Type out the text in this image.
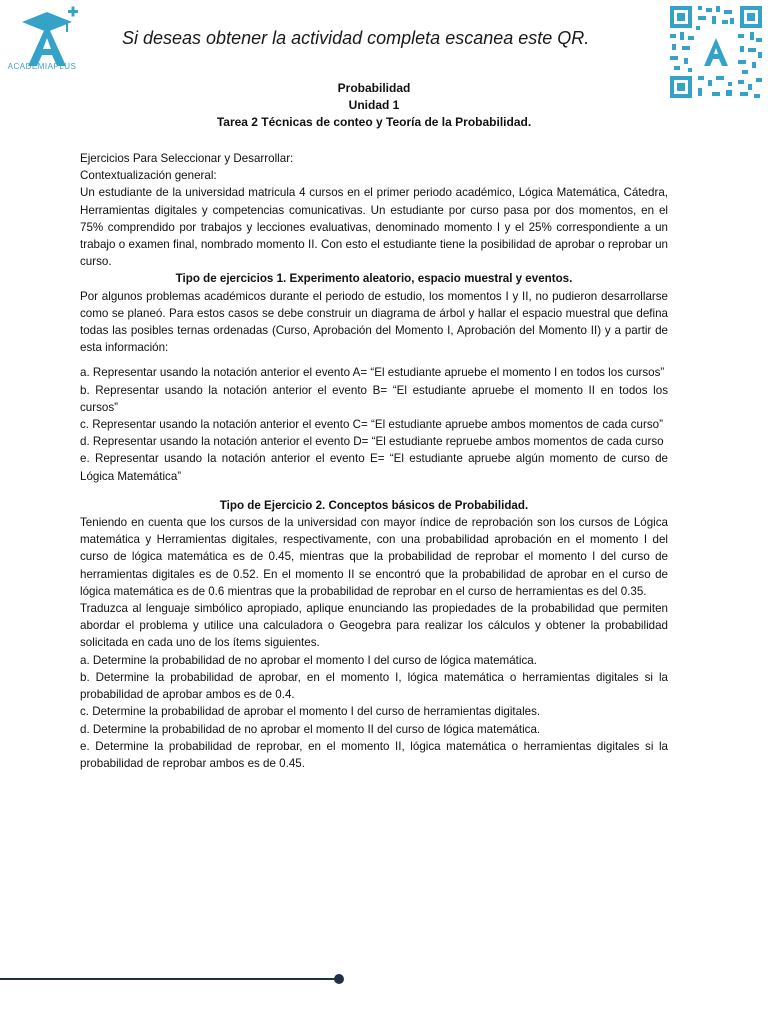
ACADEMIAPLUS
Si deseas obtener la actividad completa escanea este QR.
Probabilidad
Unidad 1
Tarea 2 Técnicas de conteo y Teoría de la Probabilidad.

Ejercicios Para Seleccionar y Desarrollar:

Contextualización general:

Un estudiante de la universidad matricula 4 cursos en el primer periodo académico, Lógica Matemática, Cátedra, Herramientas digitales y competencias comunicativas. Un estudiante por curso pasa por dos momentos, en el 75% comprendido por trabajos y lecciones evaluativas, denominado momento I y el 25% correspondiente a un trabajo o examen final, nombrado momento II. Con esto el estudiante tiene la posibilidad de aprobar o reprobar un curso.

Tipo de ejercicios 1. Experimento aleatorio, espacio muestral y eventos.

Por algunos problemas académicos durante el periodo de estudio, los momentos I y II, no pudieron desarrollarse como se planeó. Para estos casos se debe construir un diagrama de árbol y hallar el espacio muestral que defina todas las posibles ternas ordenadas (Curso, Aprobación del Momento I, Aprobación del Momento II) y a partir de esta información:

a. Representar usando la notación anterior el evento A= “El estudiante apruebe el momento I en todos los cursos”

b. Representar usando la notación anterior el evento B= “El estudiante apruebe el momento II en todos los cursos”

c. Representar usando la notación anterior el evento C= “El estudiante apruebe ambos momentos de cada curso”

d. Representar usando la notación anterior el evento D= “El estudiante repruebe ambos momentos de cada curso

e. Representar usando la notación anterior el evento E= “El estudiante apruebe algún momento de curso de Lógica Matemática”

Tipo de Ejercicio 2. Conceptos básicos de Probabilidad.

Teniendo en cuenta que los cursos de la universidad con mayor índice de reprobación son los cursos de Lógica matemática y Herramientas digitales, respectivamente, con una probabilidad aprobación en el momento I del curso de lógica matemática es de 0.45, mientras que la probabilidad de reprobar el momento I del curso de herramientas digitales es de 0.52. En el momento II se encontró que la probabilidad de aprobar en el curso de lógica matemática es de 0.6 mientras que la probabilidad de reprobar en el curso de herramientas es del 0.35.

Traduzca al lenguaje simbólico apropiado, aplique enunciando las propiedades de la probabilidad que permiten abordar el problema y utilice una calculadora o Geogebra para realizar los cálculos y obtener la probabilidad solicitada en cada uno de los ítems siguientes.

a. Determine la probabilidad de no aprobar el momento I del curso de lógica matemática.

b. Determine la probabilidad de aprobar, en el momento I, lógica matemática o herramientas digitales si la probabilidad de aprobar ambos es de 0.4.

c. Determine la probabilidad de aprobar el momento I del curso de herramientas digitales.

d. Determine la probabilidad de no aprobar el momento II del curso de lógica matemática.

e. Determine la probabilidad de reprobar, en el momento II, lógica matemática o herramientas digitales si la probabilidad de reprobar ambos es de 0.45.
